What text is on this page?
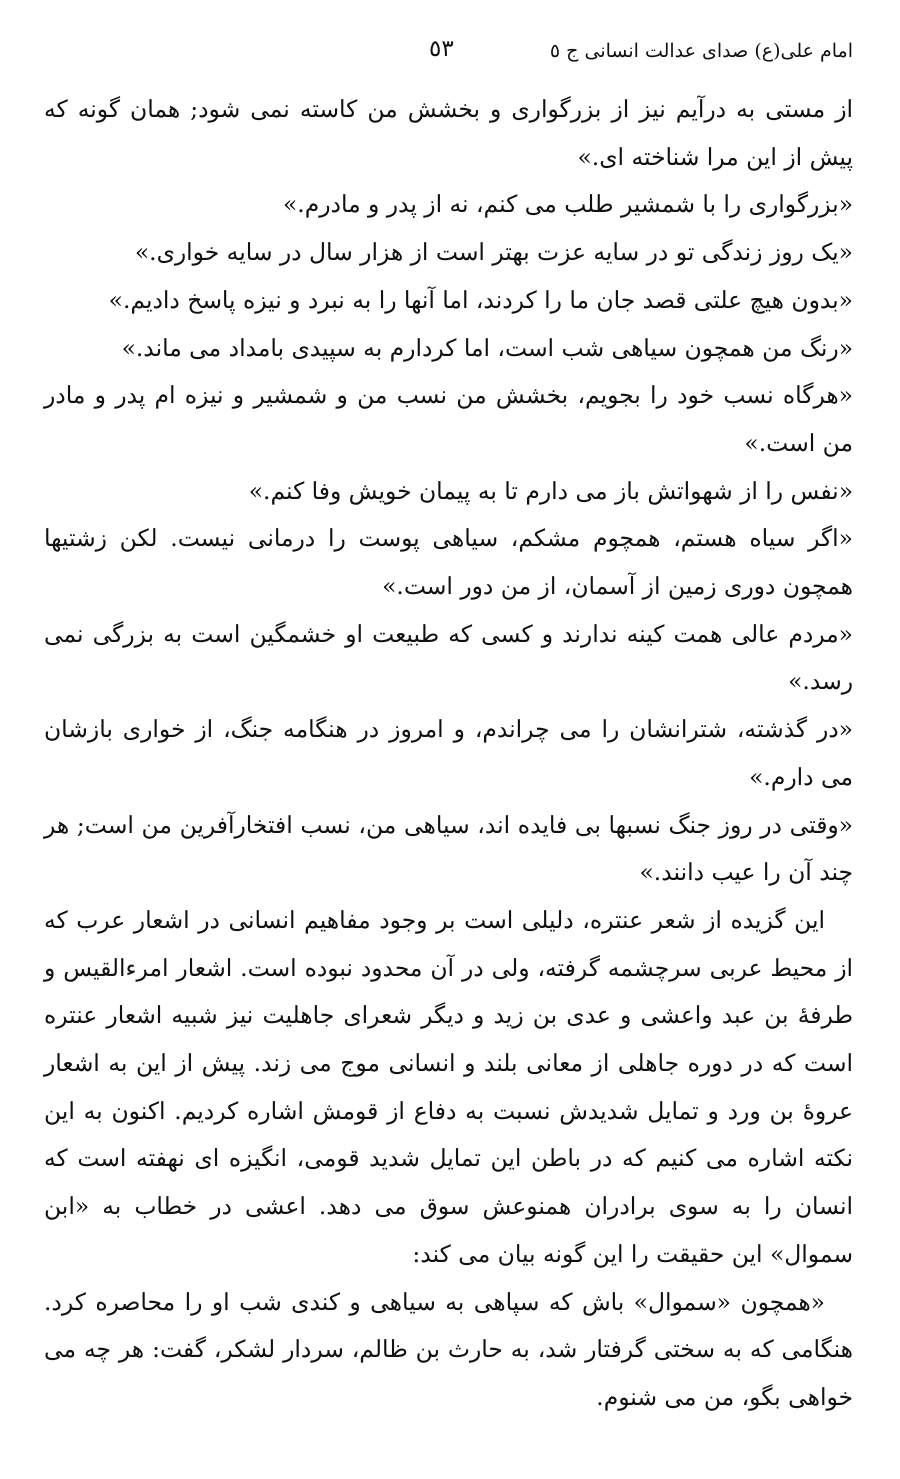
امام علی(ع) صدای عدالت انسانی ج ٥
٥٣

از مستی به درآیم نیز از بزرگواری و بخشش من کاسته نمی شود; همان گونه که پیش از این مرا شناخته ای.»

«بزرگواری را با شمشیر طلب می کنم، نه از پدر و مادرم.»

«یک روز زندگی تو در سایه عزت بهتر است از هزار سال در سایه خواری.»

«بدون هیچ علتی قصد جان ما را کردند، اما آنها را به نبرد و نیزه پاسخ دادیم.»

«رنگ من همچون سیاهی شب است، اما کردارم به سپیدی بامداد می ماند.»

«هرگاه نسب خود را بجویم، بخشش من نسب من و شمشیر و نیزه ام پدر و مادر من است.»

«نفس را از شهواتش باز می دارم تا به پیمان خویش وفا کنم.»

«اگر سیاه هستم، همچوم مشکم، سیاهی پوست را درمانی نیست. لکن زشتیها همچون دوری زمین از آسمان، از من دور است.»

«مردم عالی همت کینه ندارند و کسی که طبیعت او خشمگین است به بزرگی نمی رسد.»

«در گذشته، شترانشان را می چراندم، و امروز در هنگامه جنگ، از خواری بازشان می دارم.»

«وقتی در روز جنگ نسبها بی فایده اند، سیاهی من، نسب افتخارآفرین من است; هر چند آن را عیب دانند.»

این گزیده از شعر عنتره، دلیلی است بر وجود مفاهیم انسانی در اشعار عرب که از محیط عربی سرچشمه گرفته، ولی در آن محدود نبوده است. اشعار امرءالقیس و طرفهٔ بن عبد واعشی و عدی بن زید و دیگر شعرای جاهلیت نیز شبیه اشعار عنتره است که در دوره جاهلی از معانی بلند و انسانی موج می زند. پیش از این به اشعار عروهٔ بن ورد و تمایل شدیدش نسبت به دفاع از قومش اشاره کردیم. اکنون به این نکته اشاره می کنیم که در باطن این تمایل شدید قومی، انگیزه ای نهفته است که انسان را به سوی برادران همنوعش سوق می دهد. اعشی در خطاب به «ابن سموال» این حقیقت را این گونه بیان می کند:

«همچون «سموال» باش که سپاهی به سیاهی و کندی شب او را محاصره کرد. هنگامی که به سختی گرفتار شد، به حارث بن ظالم، سردار لشکر، گفت: هر چه می خواهی بگو، من می شنوم.
